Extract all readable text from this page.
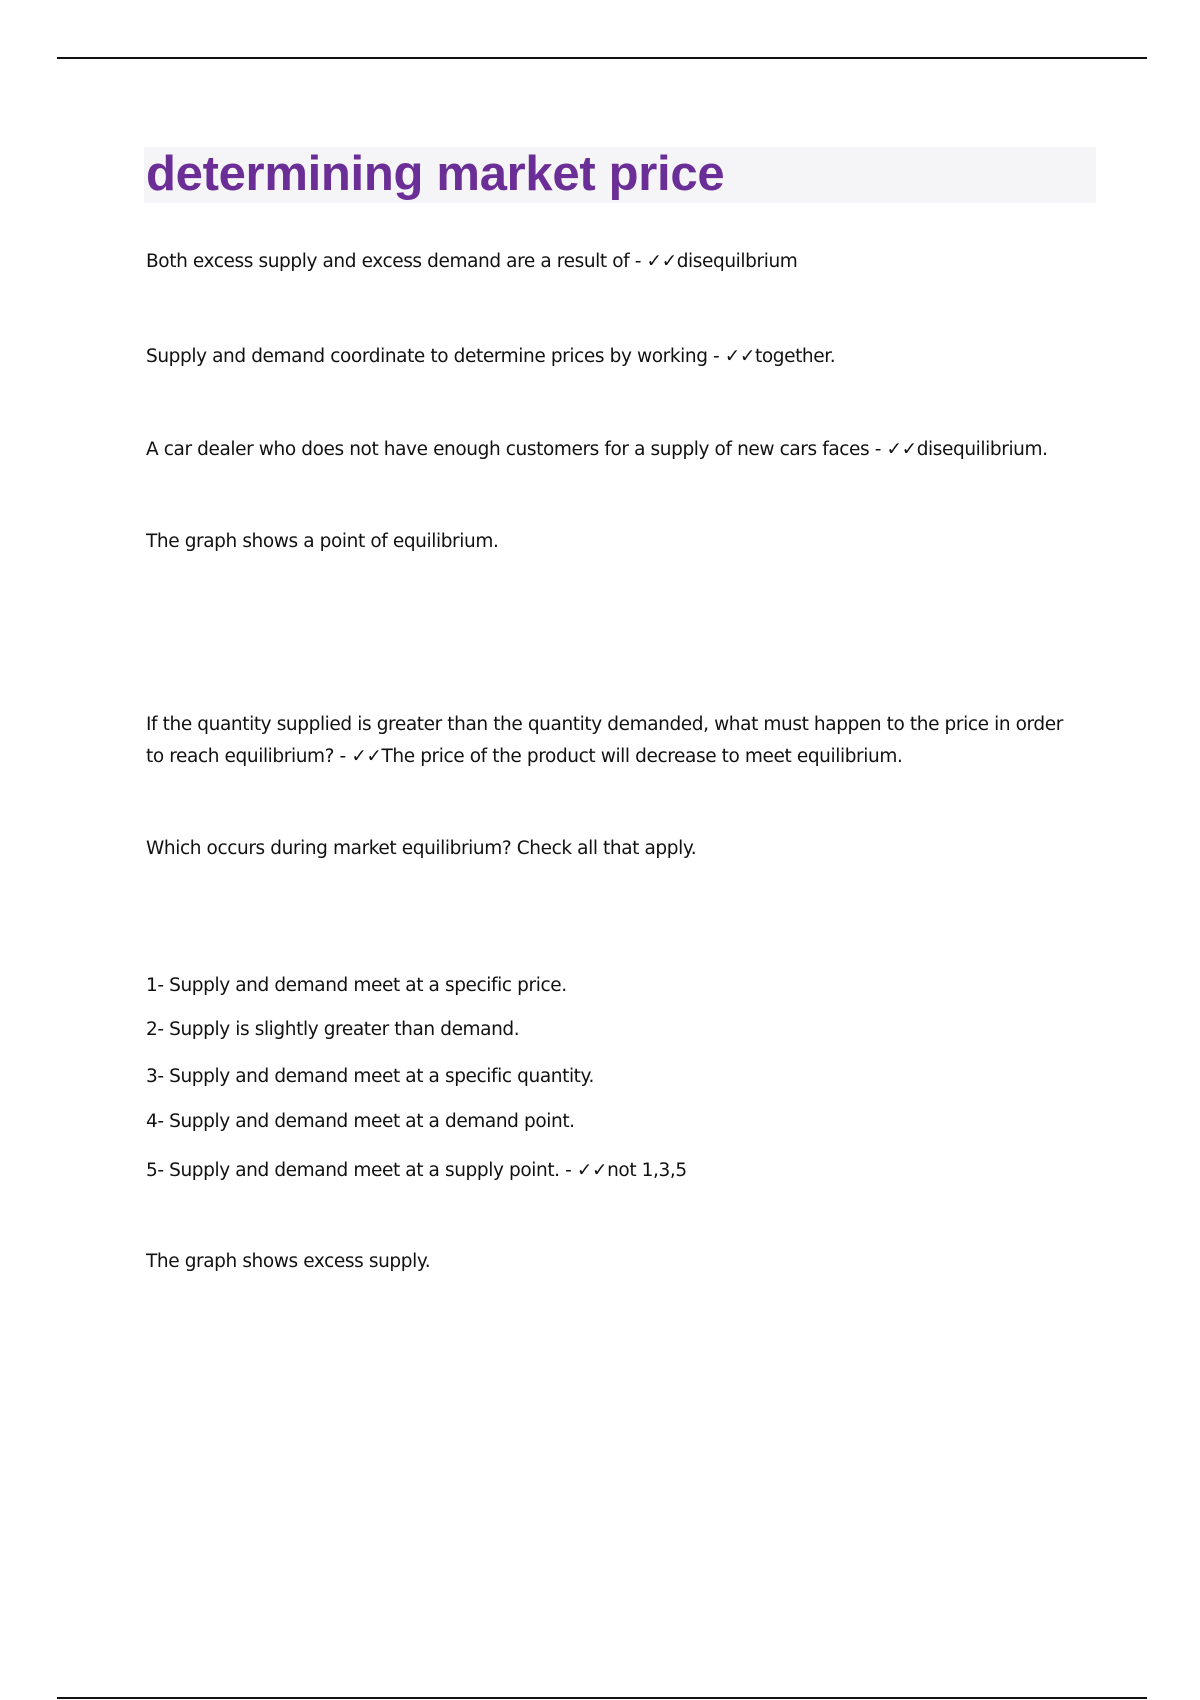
determining market price
Both excess supply and excess demand are a result of - ✓✓disequilbrium
Supply and demand coordinate to determine prices by working - ✓✓together.
A car dealer who does not have enough customers for a supply of new cars faces - ✓✓disequilibrium.
The graph shows a point of equilibrium.
If the quantity supplied is greater than the quantity demanded, what must happen to the price in order
to reach equilibrium? - ✓✓The price of the product will decrease to meet equilibrium.
Which occurs during market equilibrium? Check all that apply.
1- Supply and demand meet at a specific price.
2- Supply is slightly greater than demand.
3- Supply and demand meet at a specific quantity.
4- Supply and demand meet at a demand point.
5- Supply and demand meet at a supply point. - ✓✓not 1,3,5
The graph shows excess supply.
